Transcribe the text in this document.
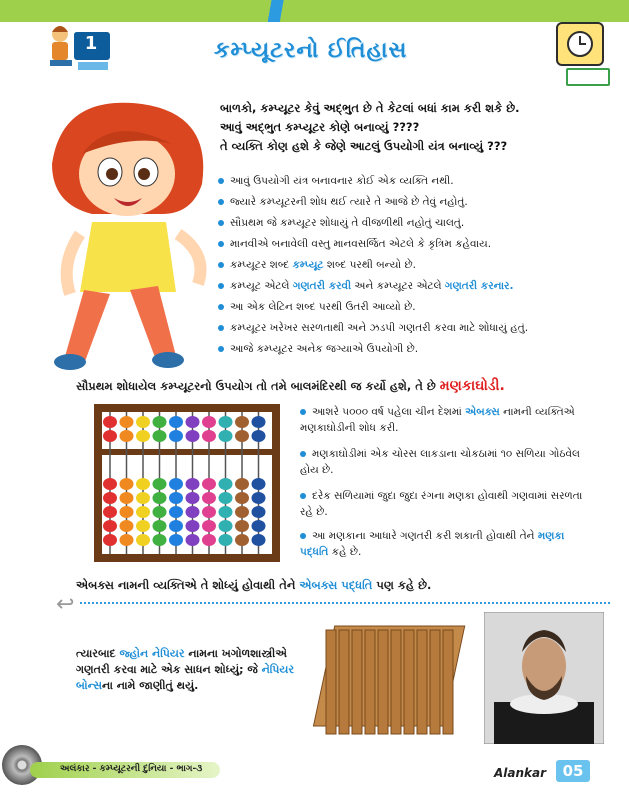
1	કમ્પ્યૂટરનો ઈતિહાસ
બાળકો, કમ્પ્યૂટર કેવું અદ્ભુત છે તે કેટલાં બધાં કામ કરી શકે છે.
આવું અદ્ભુત કમ્પ્યૂટર કોણે બનાવ્યું ????
તે વ્યક્તિ કોણ હશે કે જેણે આટલું ઉપયોગી યંત્ર બનાવ્યું ???
આવું ઉપયોગી યંત્ર બનાવનાર કોઈ એક વ્યક્તિ નથી.
જ્યારે કમ્પ્યૂટરની શોધ થઈ ત્યારે તે આજે છે તેવું નહોતું.
સૌપ્રથમ જે કમ્પ્યૂટર શોધાયું તે વીજળીથી નહોતું ચાલતું.
માનવીએ બનાવેલી વસ્તુ માનવસર્જિત એટલે કે કૃત્રિમ કહેવાય.
કમ્પ્યૂટર શબ્દ કમ્પ્યૂટ શબ્દ પરથી બન્યો છે.
કમ્પ્યૂટ એટલે ગણતરી કરવી અને કમ્પ્યૂટર એટલે ગણતરી કરનાર.
આ એક લેટિન શબ્દ પરથી ઉતરી આવ્યો છે.
કમ્પ્યૂટર ખરેખર સરળતાથી અને ઝડપી ગણતરી કરવા માટે શોધાયું હતું.
આજે કમ્પ્યૂટર અનેક જગ્યાએ ઉપયોગી છે.
સૌપ્રથમ શોધાયેલ કમ્પ્યૂટરનો ઉપયોગ તો તમે બાલમંદિરથી જ કર્યો હશે, તે છે મણકાઘોડી.
આશરે ૫૦૦૦ વર્ષ પહેલા ચીન દેશમાં એબક્સ નામની વ્યક્તિએ મણકાઘોડીની શોધ કરી.
મણકાઘોડીમાં એક ચોરસ લાકડાના ચોકઠામાં ૧૦ સળિયા ગોઠવેલ હોય છે.
દરેક સળિયામાં જુદા જુદા રંગના મણકા હોવાથી ગણવામાં સરળતા રહે છે.
આ મણકાના આધારે ગણતરી કરી શકાતી હોવાથી તેને મણકા પદ્ધતિ કહે છે.
એબક્સ નામની વ્યક્તિએ તે શોધ્યું હોવાથી તેને એબક્સ પદ્ધતિ પણ કહે છે.
↩
ત્યારબાદ જ્હોન નેપિયર નામના ખગોળશાસ્ત્રીએ ગણતરી કરવા માટે એક સાધન શોધ્યું; જે નેપિયર બોન્સના નામે જાણીતું થયું.
અલંકાર - કમ્પ્યૂટરની દુનિયા - ભાગ-૩	Alankar	05
